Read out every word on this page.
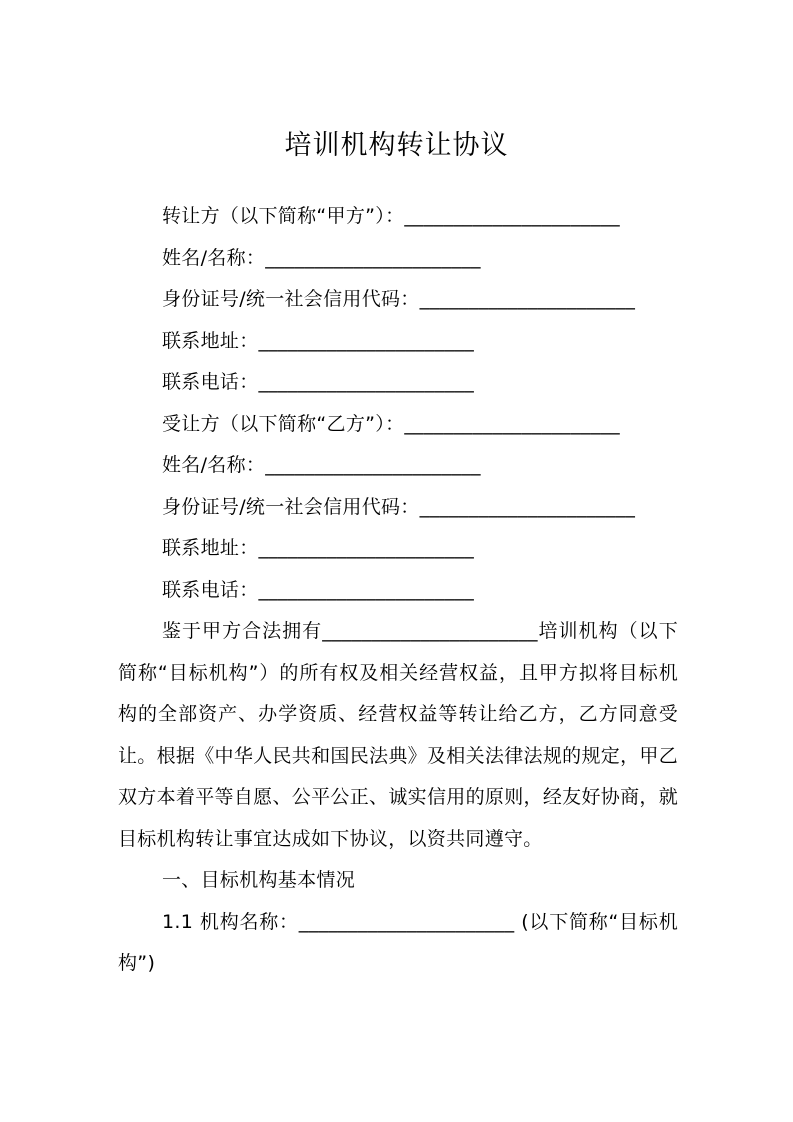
培训机构转让协议

转让方（以下简称“甲方”）：______________________

姓名/名称：______________________

身份证号/统一社会信用代码：______________________

联系地址：______________________

联系电话：______________________

受让方（以下简称“乙方”）：______________________

姓名/名称：______________________

身份证号/统一社会信用代码：______________________

联系地址：______________________

联系电话：______________________

鉴于甲方合法拥有______________________培训机构（以下简称“目标机构”）的所有权及相关经营权益，且甲方拟将目标机构的全部资产、办学资质、经营权益等转让给乙方，乙方同意受让。根据《中华人民共和国民法典》及相关法律法规的规定，甲乙双方本着平等自愿、公平公正、诚实信用的原则，经友好协商，就目标机构转让事宜达成如下协议，以资共同遵守。

一、目标机构基本情况

1.1 机构名称：______________________ (以下简称“目标机构”)
